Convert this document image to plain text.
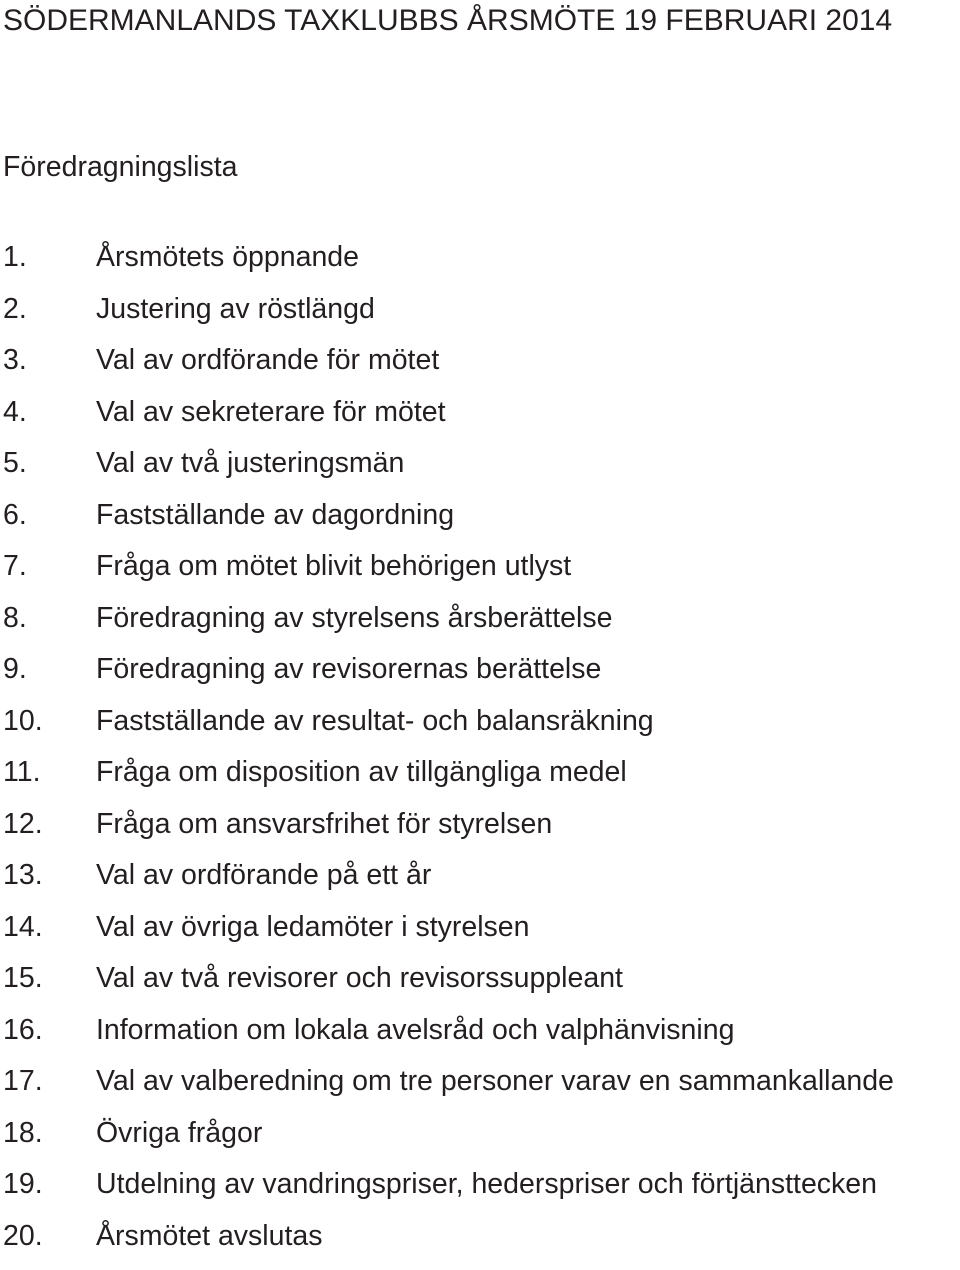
SÖDERMANLANDS TAXKLUBBS ÅRSMÖTE 19 FEBRUARI 2014
Föredragningslista
1. Årsmötets öppnande
2. Justering av röstlängd
3. Val av ordförande för mötet
4. Val av sekreterare för mötet
5. Val av två justeringsmän
6. Fastställande av dagordning
7. Fråga om mötet blivit behörigen utlyst
8. Föredragning av styrelsens årsberättelse
9. Föredragning av revisorernas berättelse
10. Fastställande av resultat- och balansräkning
11. Fråga om disposition av tillgängliga medel
12. Fråga om ansvarsfrihet för styrelsen
13. Val av ordförande på ett år
14. Val av övriga ledamöter i styrelsen
15. Val av två revisorer och revisorssuppleant
16. Information om lokala avelsråd och valphänvisning
17. Val av valberedning om tre personer varav en sammankallande
18. Övriga frågor
19. Utdelning av vandringspriser, hederspriser och förtjänsttecken
20. Årsmötet avslutas
